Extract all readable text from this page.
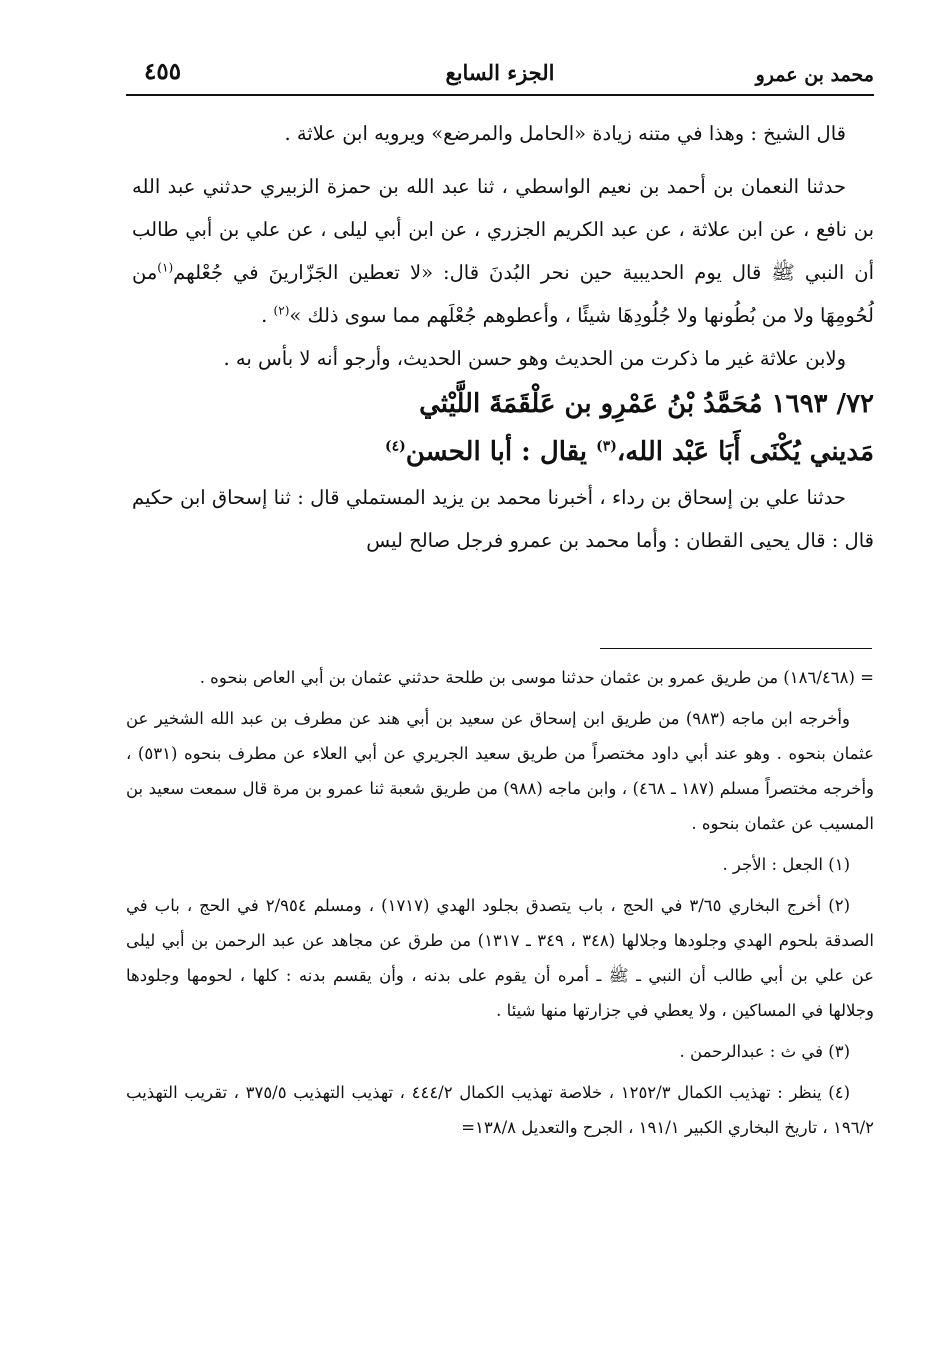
محمد بن عمرو
الجزء السابع
٤٥٥

قال الشيخ : وهذا في متنه زيادة «الحامل والمرضع» ويرويه ابن علاثة .

حدثنا النعمان بن أحمد بن نعيم الواسطي ، ثنا عبد الله بن حمزة الزبيري حدثني عبد الله بن نافع ، عن ابن علاثة ، عن عبد الكريم الجزري ، عن ابن أبي ليلى ، عن علي بن أبي طالب أن النبي ﷺ قال يوم الحديبية حين نحر البُدنَ قال: «لا تعطين الجَزّارينَ في جُعْلهم$^{(١)}$من لُحُومِهَا ولا من بُطُونها ولا جُلُودِهَا شيئًا ، وأعطوهم جُعْلَهم مما سوى ذلك »$^{(٢)}$ .

ولابن علاثة غير ما ذكرت من الحديث وهو حسن الحديث، وأرجو أنه لا بأس به .

٧٢/ ١٦٩٣ مُحَمَّدُ بْنُ عَمْرِو بن عَلْقَمَةَ اللَّيْثي
مَديني يُكْنَى أَبَا عَبْد الله،$^{(٣)}$ يقال : أبا الحسن$^{(٤)}$

حدثنا علي بن إسحاق بن رداء ، أخبرنا محمد بن يزيد المستملي قال : ثنا إسحاق ابن حكيم قال : قال يحيى القطان : وأما محمد بن عمرو فرجل صالح ليس

= (١٨٦/٤٦٨) من طريق عمرو بن عثمان حدثنا موسى بن طلحة حدثني عثمان بن أبي العاص بنحوه .

وأخرجه ابن ماجه (٩٨٣) من طريق ابن إسحاق عن سعيد بن أبي هند عن مطرف بن عبد الله الشخير عن عثمان بنحوه . وهو عند أبي داود مختصراً من طريق سعيد الجريري عن أبي العلاء عن مطرف بنحوه (٥٣١) ، وأخرجه مختصراً مسلم (١٨٧ ـ ٤٦٨) ، وابن ماجه (٩٨٨) من طريق شعبة ثنا عمرو بن مرة قال سمعت سعيد بن المسيب عن عثمان بنحوه .

(١) الجعل : الأجر .

(٢) أخرج البخاري ٣/٦٥ في الحج ، باب يتصدق بجلود الهدي (١٧١٧) ، ومسلم ٢/٩٥٤ في الحج ، باب في الصدقة بلحوم الهدي وجلودها وجلالها (٣٤٨ ، ٣٤٩ ـ ١٣١٧) من طرق عن مجاهد عن عبد الرحمن بن أبي ليلى عن علي بن أبي طالب أن النبي ـ ﷺ ـ أمره أن يقوم على بدنه ، وأن يقسم بدنه : كلها ، لحومها وجلودها وجلالها في المساكين ، ولا يعطي في جزارتها منها شيئا .

(٣) في ث : عبدالرحمن .

(٤) ينظر : تهذيب الكمال ١٢٥٢/٣ ، خلاصة تهذيب الكمال ٤٤٤/٢ ، تهذيب التهذيب ٣٧٥/٥ ، تقريب التهذيب ١٩٦/٢ ، تاريخ البخاري الكبير ١٩١/١ ، الجرح والتعديل ١٣٨/٨=
